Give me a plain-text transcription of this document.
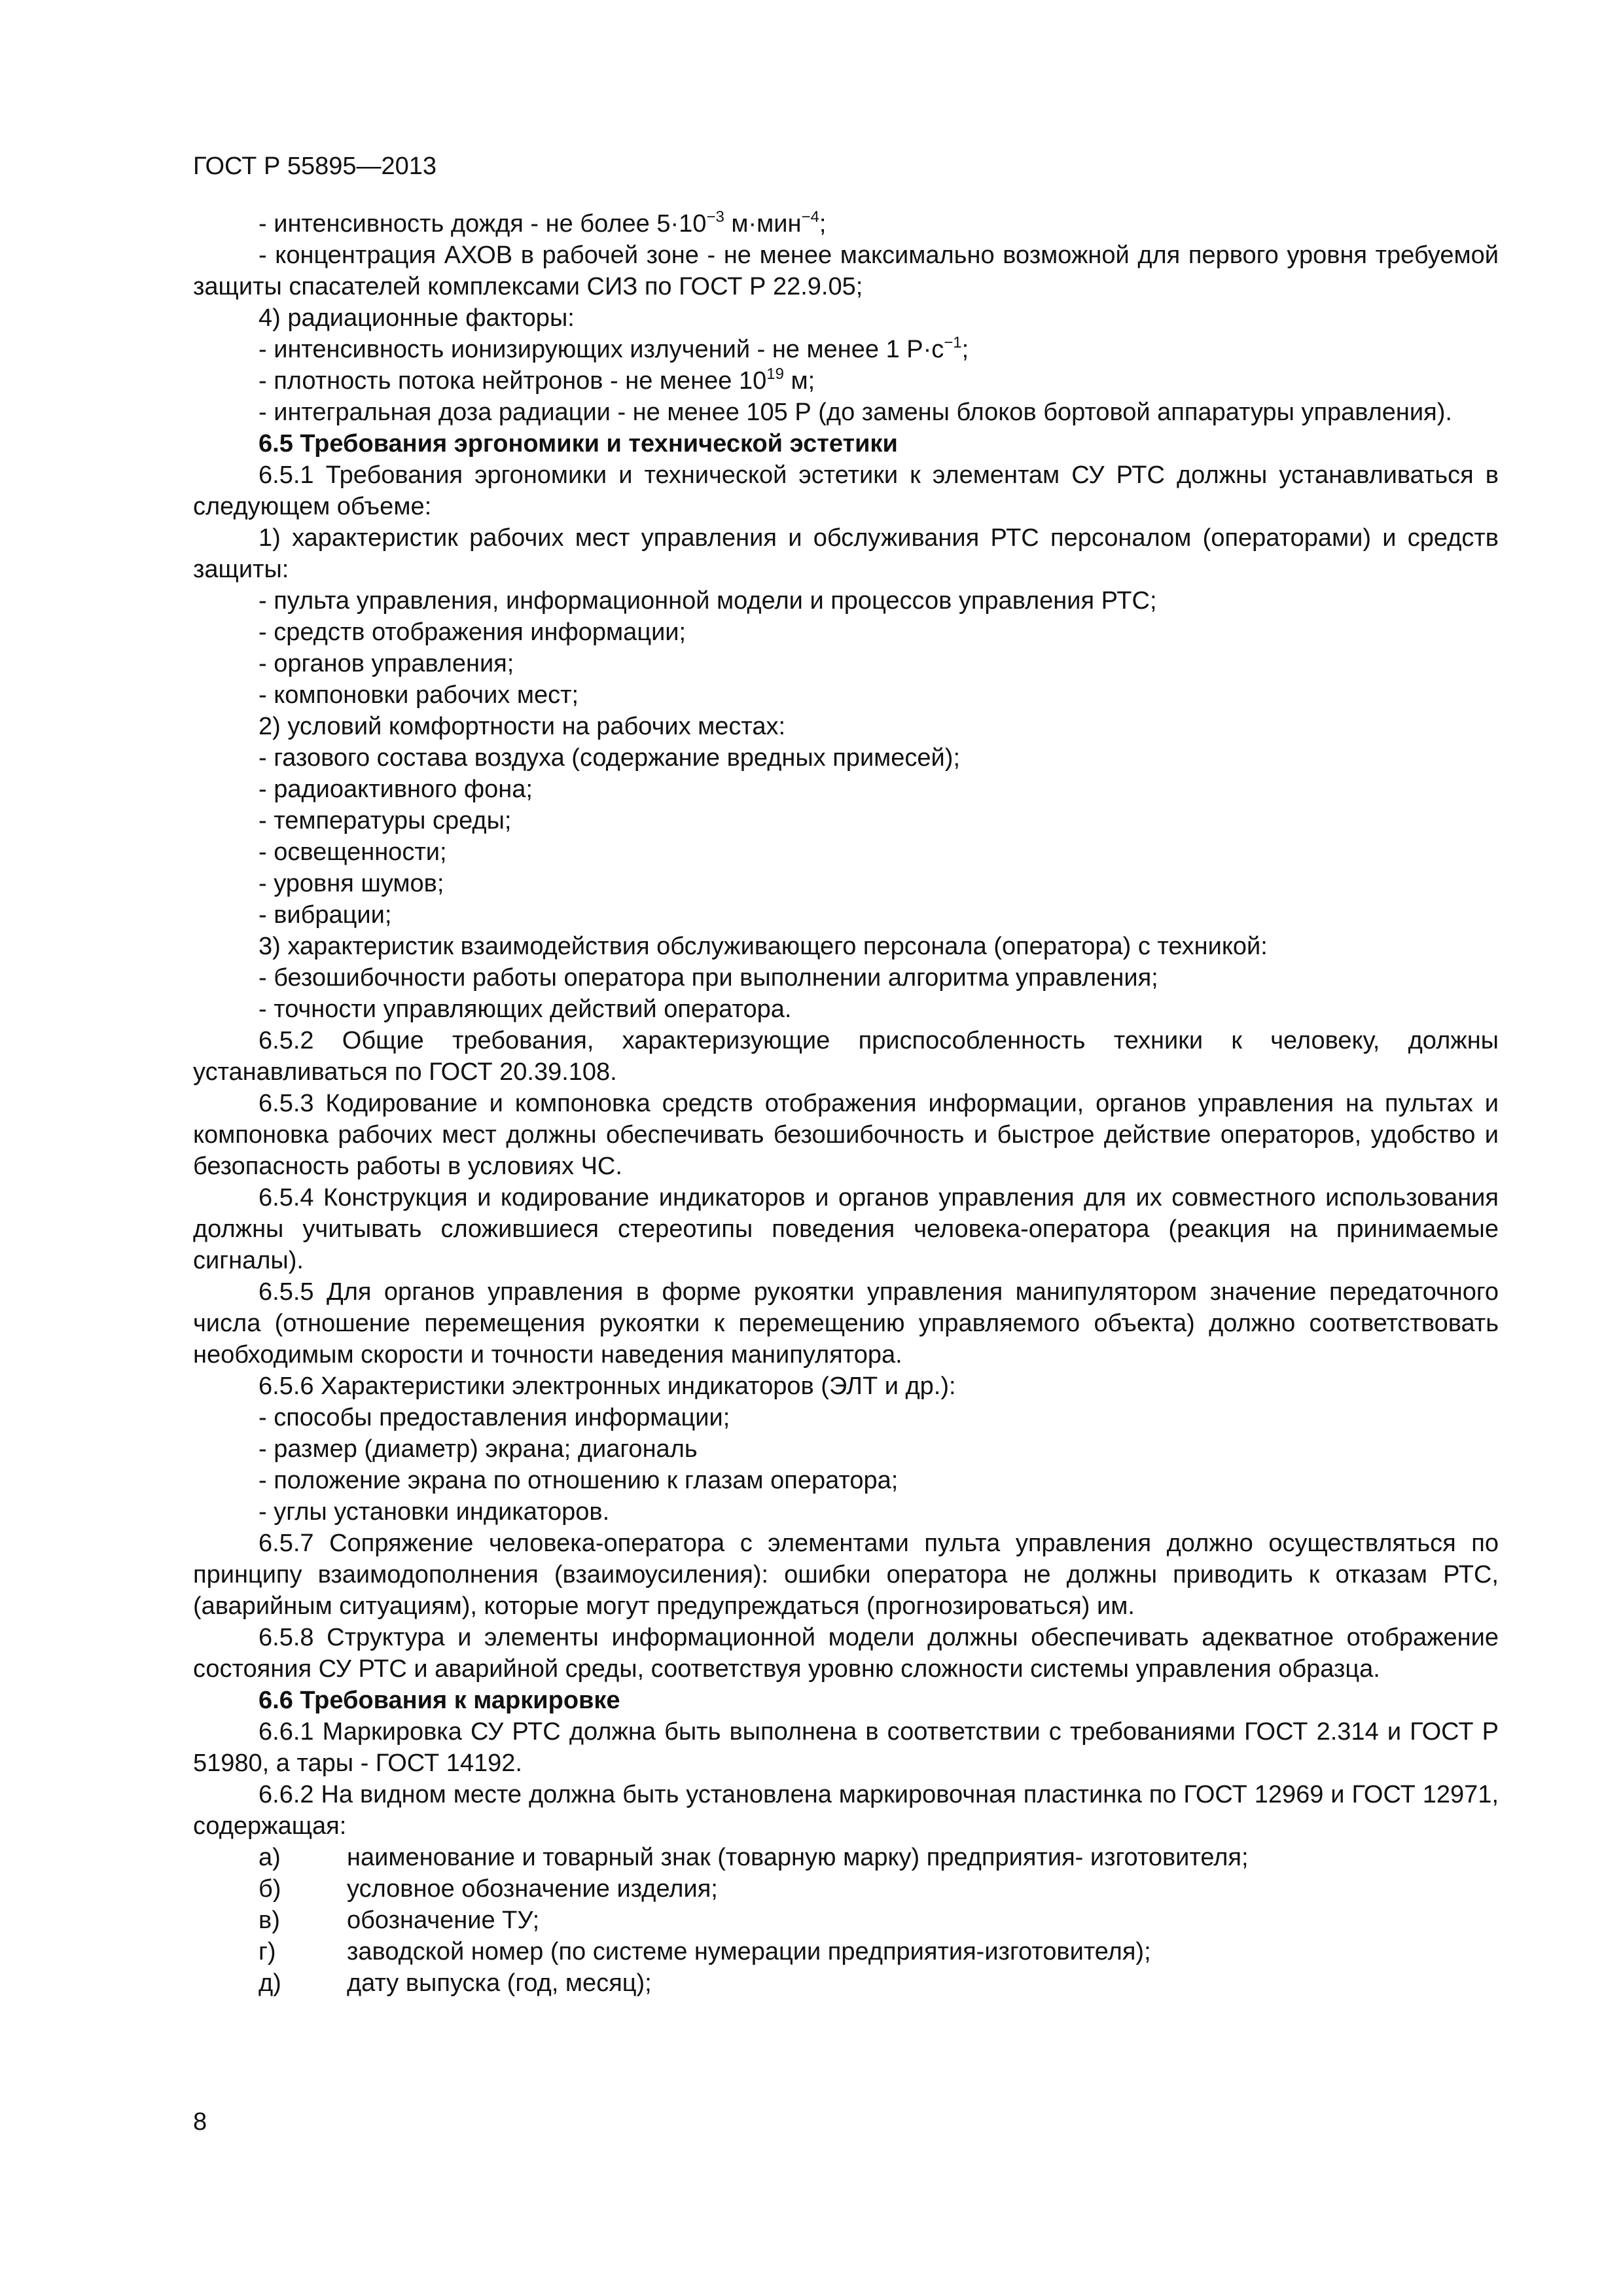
ГОСТ Р 55895—2013

- интенсивность дождя - не более $5\cdot 10^{-3}$ м·мин$^{-4}$;

- концентрация АХОВ в рабочей зоне - не менее максимально возможной для первого уровня требуемой защиты спасателей комплексами СИЗ по ГОСТ Р 22.9.05;

4) радиационные факторы:

- интенсивность ионизирующих излучений - не менее 1 $Р\cdot с^{-1}$;

- плотность потока нейтронов - не менее $10^{19}$ м;

- интегральная доза радиации - не менее 105 Р (до замены блоков бортовой аппаратуры управления).

6.5 Требования эргономики и технической эстетики

6.5.1 Требования эргономики и технической эстетики к элементам СУ РТС должны устанавливаться в следующем объеме:

1) характеристик рабочих мест управления и обслуживания РТС персоналом (операторами) и средств защиты:

- пульта управления, информационной модели и процессов управления РТС;

- средств отображения информации;

- органов управления;

- компоновки рабочих мест;

2) условий комфортности на рабочих местах:

- газового состава воздуха (содержание вредных примесей);

- радиоактивного фона;

- температуры среды;

- освещенности;

- уровня шумов;

- вибрации;

3) характеристик взаимодействия обслуживающего персонала (оператора) с техникой:

- безошибочности работы оператора при выполнении алгоритма управления;

- точности управляющих действий оператора.

6.5.2 Общие требования, характеризующие приспособленность техники к человеку, должны устанавливаться по ГОСТ 20.39.108.

6.5.3 Кодирование и компоновка средств отображения информации, органов управления на пультах и компоновка рабочих мест должны обеспечивать безошибочность и быстрое действие операторов, удобство и безопасность работы в условиях ЧС.

6.5.4 Конструкция и кодирование индикаторов и органов управления для их совместного использования должны учитывать сложившиеся стереотипы поведения человека-оператора (реакция на принимаемые сигналы).

6.5.5 Для органов управления в форме рукоятки управления манипулятором значение передаточного числа (отношение перемещения рукоятки к перемещению управляемого объекта) должно соответствовать необходимым скорости и точности наведения манипулятора.

6.5.6 Характеристики электронных индикаторов (ЭЛТ и др.):

- способы предоставления информации;

- размер (диаметр) экрана; диагональ

- положение экрана по отношению к глазам оператора;

- углы установки индикаторов.

6.5.7 Сопряжение человека-оператора с элементами пульта управления должно осуществляться по принципу взаимодополнения (взаимоусиления): ошибки оператора не должны приводить к отказам РТС, (аварийным ситуациям), которые могут предупреждаться (прогнозироваться) им.

6.5.8 Структура и элементы информационной модели должны обеспечивать адекватное отображение состояния СУ РТС и аварийной среды, соответствуя уровню сложности системы управления образца.

6.6 Требования к маркировке

6.6.1 Маркировка СУ РТС должна быть выполнена в соответствии с требованиями ГОСТ 2.314 и ГОСТ Р 51980, а тары - ГОСТ 14192.

6.6.2 На видном месте должна быть установлена маркировочная пластинка по ГОСТ 12969 и ГОСТ 12971, содержащая:

а)	наименование и товарный знак (товарную марку) предприятия- изготовителя;

б)	условное обозначение изделия;

в)	обозначение ТУ;

г)	заводской номер (по системе нумерации предприятия-изготовителя);

д)	дату выпуска (год, месяц);

8
